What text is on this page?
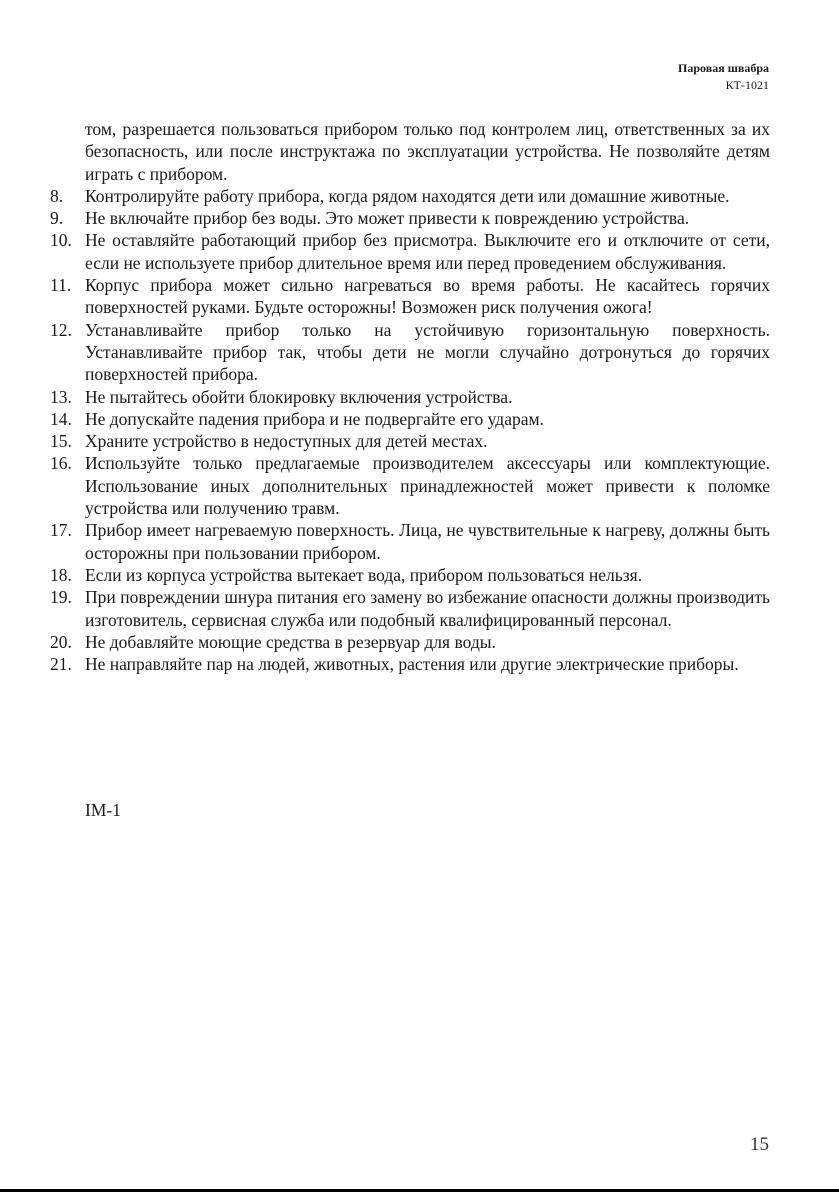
Паровая швабра
КТ-1021
том, разрешается пользоваться прибором только под контролем лиц, ответственных за их безопасность, или после инструктажа по эксплуатации устройства. Не позволяйте детям играть с прибором.
8.	Контролируйте работу прибора, когда рядом находятся дети или домашние животные.
9.	Не включайте прибор без воды. Это может привести к повреждению устройства.
10. Не оставляйте работающий прибор без присмотра. Выключите его и отключите от сети, если не используете прибор длительное время или перед проведением обслуживания.
11. Корпус прибора может сильно нагреваться во время работы. Не касайтесь горячих поверхностей руками. Будьте осторожны! Возможен риск получения ожога!
12. Устанавливайте прибор только на устойчивую горизонтальную поверхность. Устанавливайте прибор так, чтобы дети не могли случайно дотронуться до горячих поверхностей прибора.
13. Не пытайтесь обойти блокировку включения устройства.
14. Не допускайте падения прибора и не подвергайте его ударам.
15. Храните устройство в недоступных для детей местах.
16. Используйте только предлагаемые производителем аксессуары или комплектующие. Использование иных дополнительных принадлежностей может привести к поломке устройства или получению травм.
17. Прибор имеет нагреваемую поверхность. Лица, не чувствительные к нагреву, должны быть осторожны при пользовании прибором.
18. Если из корпуса устройства вытекает вода, прибором пользоваться нельзя.
19. При повреждении шнура питания его замену во избежание опасности должны производить изготовитель, сервисная служба или подобный квалифицированный персонал.
20. Не добавляйте моющие средства в резервуар для воды.
21. Не направляйте пар на людей, животных, растения или другие электрические приборы.
IM-1
15
